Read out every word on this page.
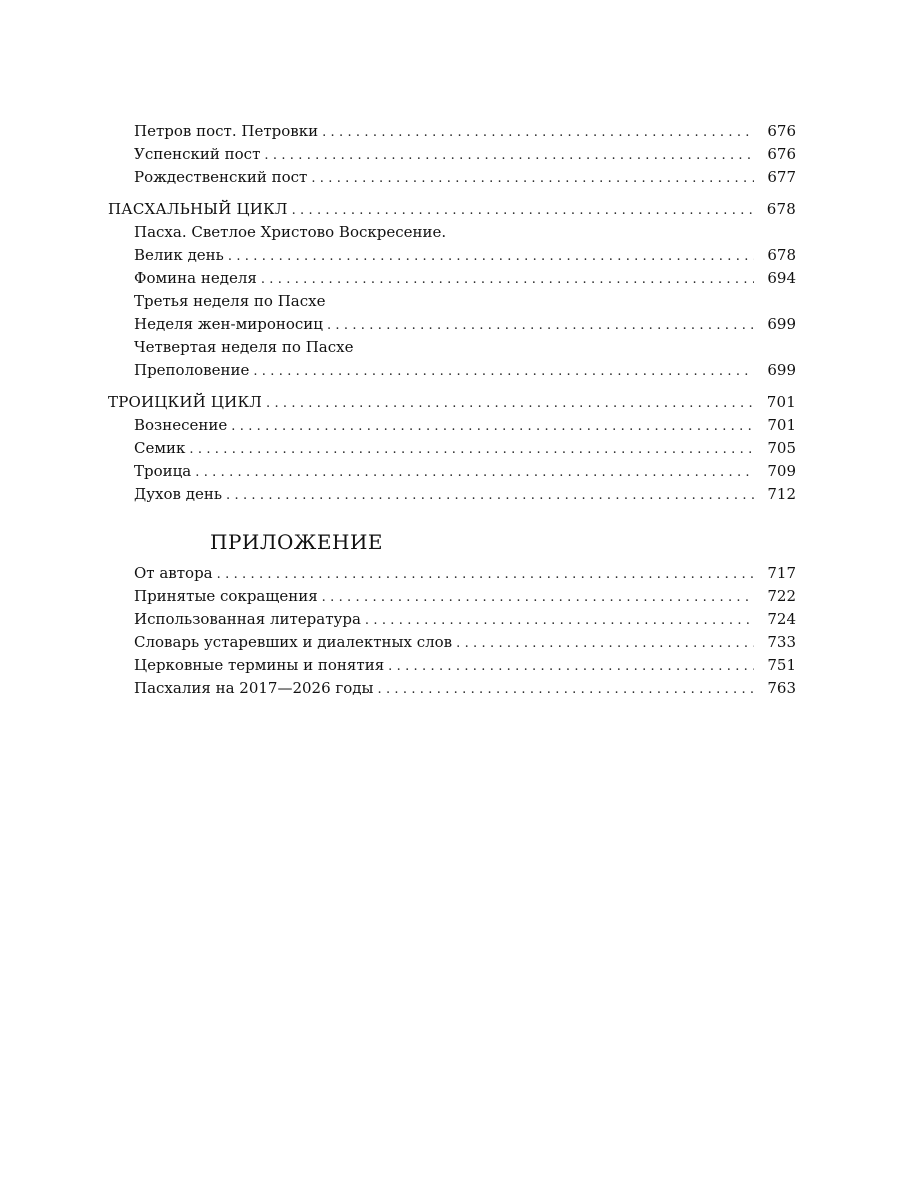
Петров пост. Петровки . . .	676
Успенский пост . . .	676
Рождественский пост . . .	677
ПАСХАЛЬНЫЙ ЦИКЛ . . .	678
Пасха. Светлое Христово Воскресение.
Велик день . . .	678
Фомина неделя . . .	694
Третья неделя по Пасхе
Неделя жен-мироносиц . . .	699
Четвертая неделя по Пасхе
Преполовение . . .	699
ТРОИЦКИЙ ЦИКЛ . . .	701
Вознесение . . .	701
Семик . . .	705
Троица . . .	709
Духов день . . .	712
ПРИЛОЖЕНИЕ
От автора . . .	717
Принятые сокращения . . .	722
Использованная литература . . .	724
Словарь устаревших и диалектных слов . . .	733
Церковные термины и понятия . . .	751
Пасхалия на 2017—2026 годы . . .	763
